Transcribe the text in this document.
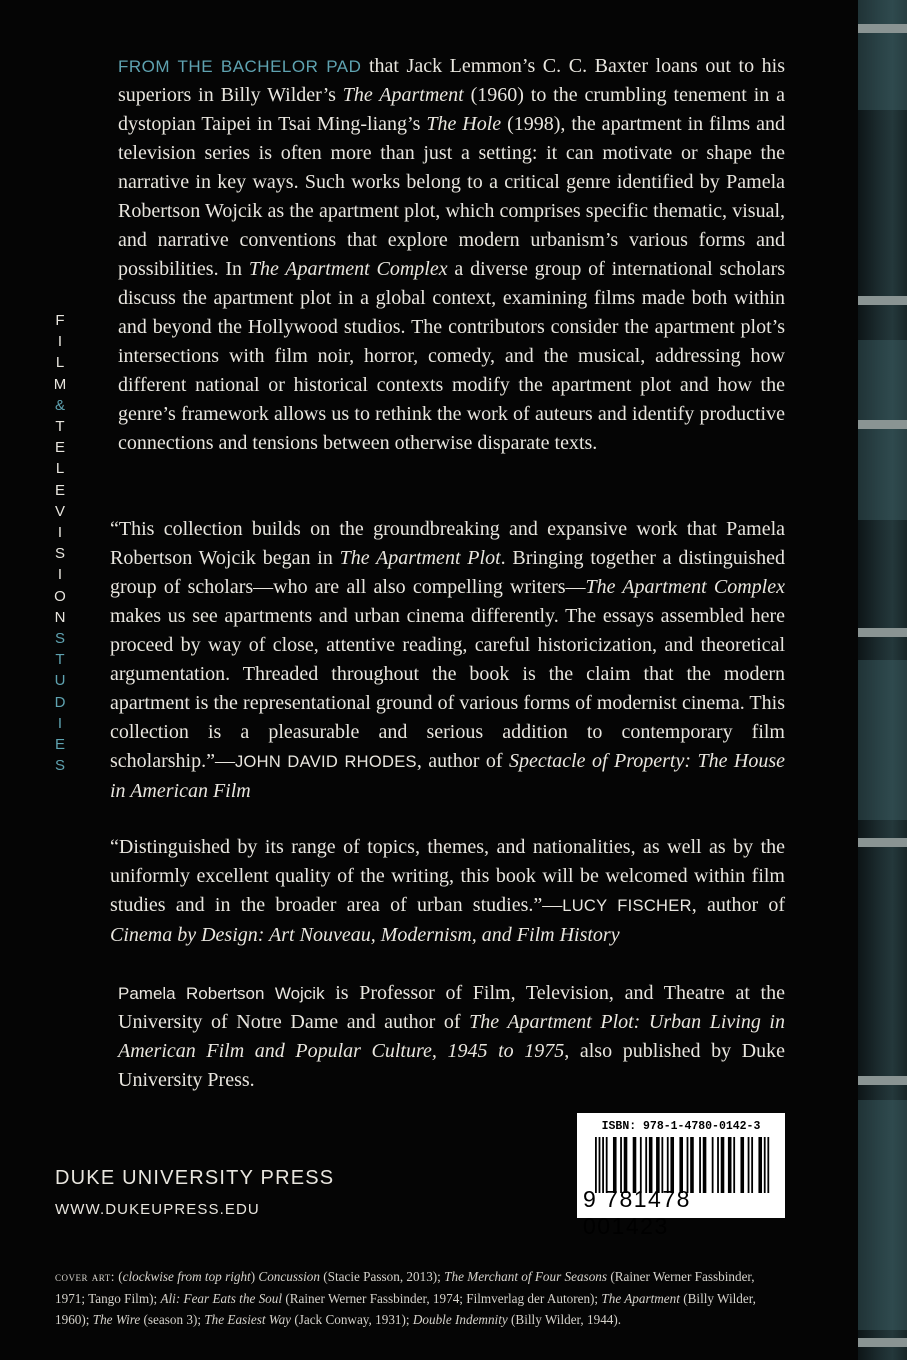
F
I
L
M
&
T
E
L
E
V
I
S
I
O
N
S
T
U
D
I
E
S

FROM THE BACHELOR PAD that Jack Lemmon’s C. C. Baxter loans out to his superiors in Billy Wilder’s The Apartment (1960) to the crumbling tenement in a dystopian Taipei in Tsai Ming-liang’s The Hole (1998), the apartment in films and television series is often more than just a setting: it can motivate or shape the narrative in key ways. Such works belong to a critical genre identified by Pamela Robertson Wojcik as the apartment plot, which comprises specific thematic, visual, and narrative conventions that explore modern urbanism’s various forms and possibilities. In The Apartment Complex a diverse group of international scholars discuss the apartment plot in a global context, examining films made both within and beyond the Hollywood studios. The contributors consider the apartment plot’s intersections with film noir, horror, comedy, and the musical, addressing how different national or historical contexts modify the apartment plot and how the genre’s framework allows us to rethink the work of auteurs and identify productive connections and tensions between otherwise disparate texts.

“This collection builds on the groundbreaking and expansive work that Pamela Robertson Wojcik began in The Apartment Plot. Bringing together a distinguished group of scholars—who are all also compelling writers—The Apartment Complex makes us see apartments and urban cinema differently. The essays assembled here proceed by way of close, attentive reading, careful historicization, and theoretical argumentation. Threaded throughout the book is the claim that the modern apartment is the representational ground of various forms of modernist cinema. This collection is a pleasurable and serious addition to contemporary film scholarship.”—JOHN DAVID RHODES, author of Spectacle of Property: The House in American Film

“Distinguished by its range of topics, themes, and nationalities, as well as by the uniformly excellent quality of the writing, this book will be welcomed within film studies and in the broader area of urban studies.”—LUCY FISCHER, author of Cinema by Design: Art Nouveau, Modernism, and Film History

Pamela Robertson Wojcik is Professor of Film, Television, and Theatre at the University of Notre Dame and author of The Apartment Plot: Urban Living in American Film and Popular Culture, 1945 to 1975, also published by Duke University Press.

DUKE UNIVERSITY PRESS
WWW.DUKEUPRESS.EDU
ISBN: 978-1-4780-0142-3
9 781478 001423

cover art: (clockwise from top right) Concussion (Stacie Passon, 2013); The Merchant of Four Seasons (Rainer Werner Fassbinder, 1971; Tango Film); Ali: Fear Eats the Soul (Rainer Werner Fassbinder, 1974; Filmverlag der Autoren); The Apartment (Billy Wilder, 1960); The Wire (season 3); The Easiest Way (Jack Conway, 1931); Double Indemnity (Billy Wilder, 1944).
